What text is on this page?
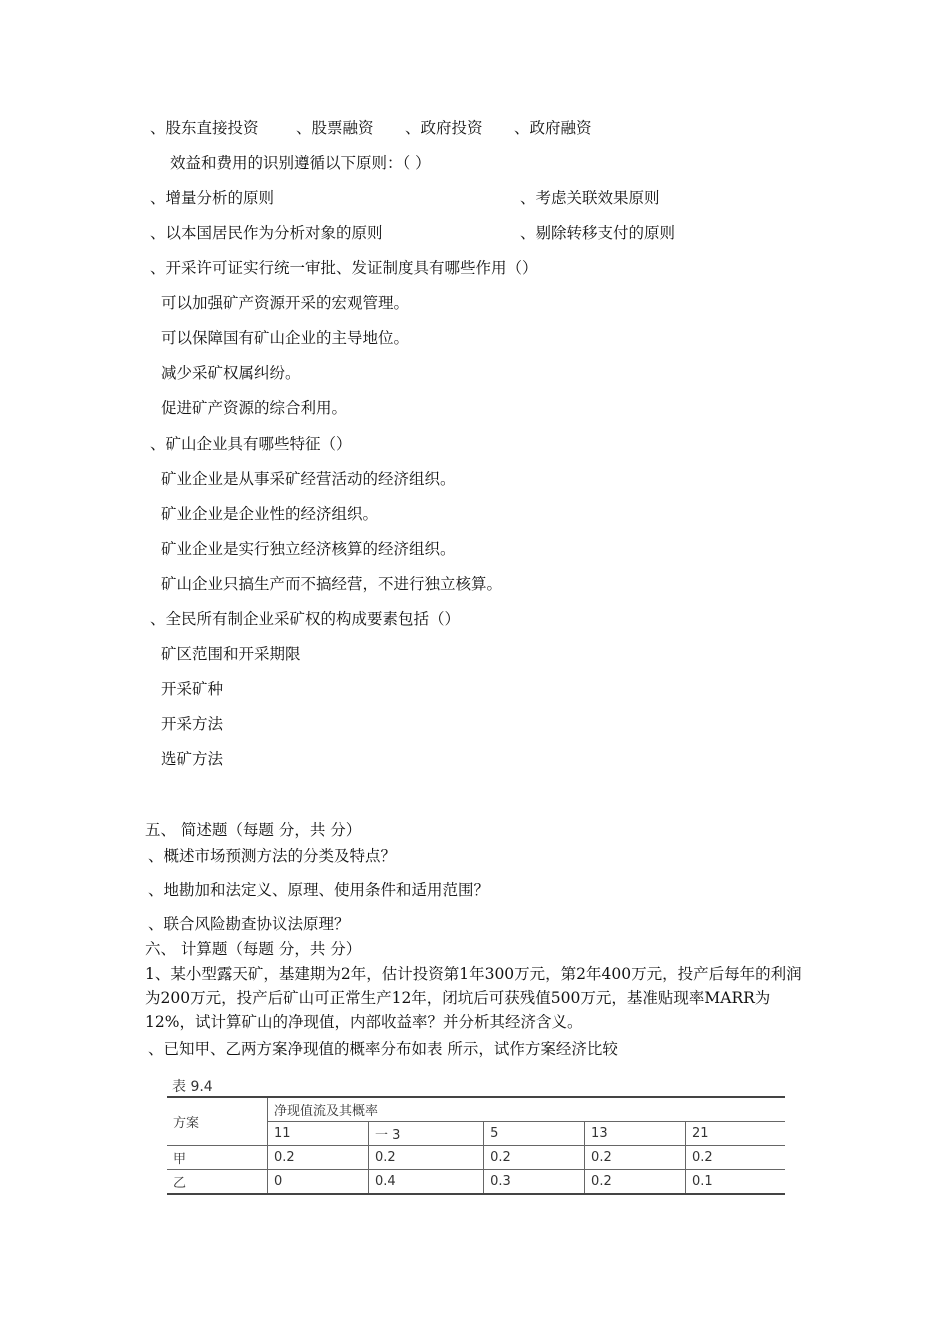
、股东直接投资 、股票融资 、政府投资 、政府融资
效益和费用的识别遵循以下原则：（ ）
、增量分析的原则	、考虑关联效果原则
、以本国居民作为分析对象的原则	、剔除转移支付的原则
、开采许可证实行统一审批、发证制度具有哪些作用（）
可以加强矿产资源开采的宏观管理。
可以保障国有矿山企业的主导地位。
减少采矿权属纠纷。
促进矿产资源的综合利用。
、矿山企业具有哪些特征（）
矿业企业是从事采矿经营活动的经济组织。
矿业企业是企业性的经济组织。
矿业企业是实行独立经济核算的经济组织。
矿山企业只搞生产而不搞经营，不进行独立核算。
、全民所有制企业采矿权的构成要素包括（）
矿区范围和开采期限
开采矿种
开采方法
选矿方法
五、 简述题（每题 分，共 分）
、概述市场预测方法的分类及特点？
、地勘加和法定义、原理、使用条件和适用范围？
、联合风险勘查协议法原理？
六、 计算题（每题 分，共 分）
1、某小型露天矿，基建期为2年，估计投资第1年300万元，第2年400万元，投产后每年的利润为200万元，投产后矿山可正常生产12年，闭坑后可获残值500万元，基准贴现率MARR为12%，试计算矿山的净现值，内部收益率？并分析其经济含义。
、已知甲、乙两方案净现值的概率分布如表 所示，试作方案经济比较
表 9.4
方案	净现值流及其概率				
	11	一 3	5	13	21
甲	0.2	0.2	0.2	0.2	0.2
乙	0	0.4	0.3	0.2	0.1
